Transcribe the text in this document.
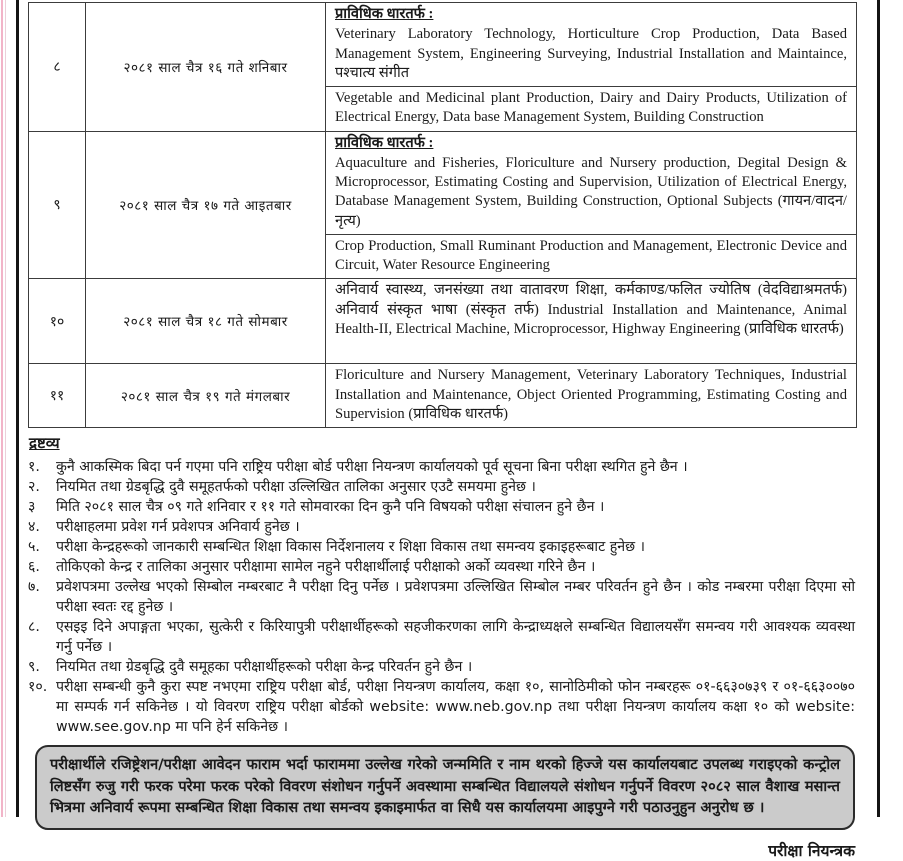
८	२०८१ साल चैत्र १६ गते शनिबार	प्राविधिक धारतर्फ :
Veterinary Laboratory Technology, Horticulture Crop Production, Data Based Management System, Engineering Surveying, Industrial Installation and Maintaince, पश्चात्य संगीत
		Vegetable and Medicinal plant Production, Dairy and Dairy Products, Utilization of Electrical Energy, Data base Management System, Building Construction
९	२०८१ साल चैत्र १७ गते आइतबार	प्राविधिक धारतर्फ :
Aquaculture and Fisheries, Floriculture and Nursery production, Degital Design & Microprocessor, Estimating Costing and Supervision, Utilization of Electrical Energy, Database Management System, Building Construction, Optional Subjects (गायन/वादन/नृत्य)
		Crop Production, Small Ruminant Production and Management, Electronic Device and Circuit, Water Resource Engineering
१०	२०८१ साल चैत्र १८ गते सोमबार	अनिवार्य स्वास्थ्य, जनसंख्या तथा वातावरण शिक्षा, कर्मकाण्ड/फलित ज्योतिष (वेदविद्याश्रमतर्फ) अनिवार्य संस्कृत भाषा (संस्कृत तर्फ) Industrial Installation and Maintenance, Animal Health-II, Electrical Machine, Microprocessor, Highway Engineering (प्राविधिक धारतर्फ)
११	२०८१ साल चैत्र १९ गते मंगलबार	Floriculture and Nursery Management, Veterinary Laboratory Techniques, Industrial Installation and Maintenance, Object Oriented Programming, Estimating Costing and Supervision (प्राविधिक धारतर्फ)
द्रष्टव्य
१.	कुनै आकस्मिक बिदा पर्न गएमा पनि राष्ट्रिय परीक्षा बोर्ड परीक्षा नियन्त्रण कार्यालयको पूर्व सूचना बिना परीक्षा स्थगित हुने छैन ।
२.	नियमित तथा ग्रेडबृद्धि दुवै समूहतर्फको परीक्षा उल्लिखित तालिका अनुसार एउटै समयमा हुनेछ ।
३	मिति २०८१ साल चैत्र ०९ गते शनिवार र ११ गते सोमवारका दिन कुनै पनि विषयको परीक्षा संचालन हुने छैन ।
४.	परीक्षाहलमा प्रवेश गर्न प्रवेशपत्र अनिवार्य हुनेछ ।
५.	परीक्षा केन्द्रहरूको जानकारी सम्बन्धित शिक्षा विकास निर्देशनालय र शिक्षा विकास तथा समन्वय इकाइहरूबाट हुनेछ ।
६.	तोकिएको केन्द्र र तालिका अनुसार परीक्षामा सामेल नहुने परीक्षार्थीलाई परीक्षाको अर्को व्यवस्था गरिने छैन ।
७.	प्रवेशपत्रमा उल्लेख भएको सिम्बोल नम्बरबाट नै परीक्षा दिनु पर्नेछ । प्रवेशपत्रमा उल्लिखित सिम्बोल नम्बर परिवर्तन हुने छैन । कोड नम्बरमा परीक्षा दिएमा सो परीक्षा स्वतः रद्द हुनेछ ।
८.	एसइइ दिने अपाङ्गता भएका, सुत्केरी र किरियापुत्री परीक्षार्थीहरूको सहजीकरणका लागि केन्द्राध्यक्षले सम्बन्धित विद्यालयसँग समन्वय गरी आवश्यक व्यवस्था गर्नु पर्नेछ ।
९.	नियमित तथा ग्रेडबृद्धि दुवै समूहका परीक्षार्थीहरूको परीक्षा केन्द्र परिवर्तन हुने छैन ।
१०. परीक्षा सम्बन्धी कुनै कुरा स्पष्ट नभएमा राष्ट्रिय परीक्षा बोर्ड, परीक्षा नियन्त्रण कार्यालय, कक्षा १०, सानोठिमीको फोन नम्बरहरू ०१-६६३०७३९ र ०१-६६३००७० मा सम्पर्क गर्न सकिनेछ । यो विवरण राष्ट्रिय परीक्षा बोर्डको website: www.neb.gov.np तथा परीक्षा नियन्त्रण कार्यालय कक्षा १० को website: www.see.gov.np मा पनि हेर्न सकिनेछ ।
परीक्षार्थीले रजिष्ट्रेशन/परीक्षा आवेदन फाराम भर्दा फाराममा उल्लेख गरेको जन्ममिति र नाम थरको हिज्जे यस कार्यालयबाट उपलब्ध गराइएको कन्ट्रोल लिष्टसँग रुजु गरी फरक परेमा फरक परेको विवरण संशोधन गर्नुपर्ने अवस्थामा सम्बन्धित विद्यालयले संशोधन गर्नुपर्ने विवरण २०८२ साल वैशाख मसान्त भित्रमा अनिवार्य रूपमा सम्बन्धित शिक्षा विकास तथा समन्वय इकाइमार्फत वा सिधै यस कार्यालयमा आइपुग्ने गरी पठाउनुहुन अनुरोध छ ।
परीक्षा नियन्त्रक
